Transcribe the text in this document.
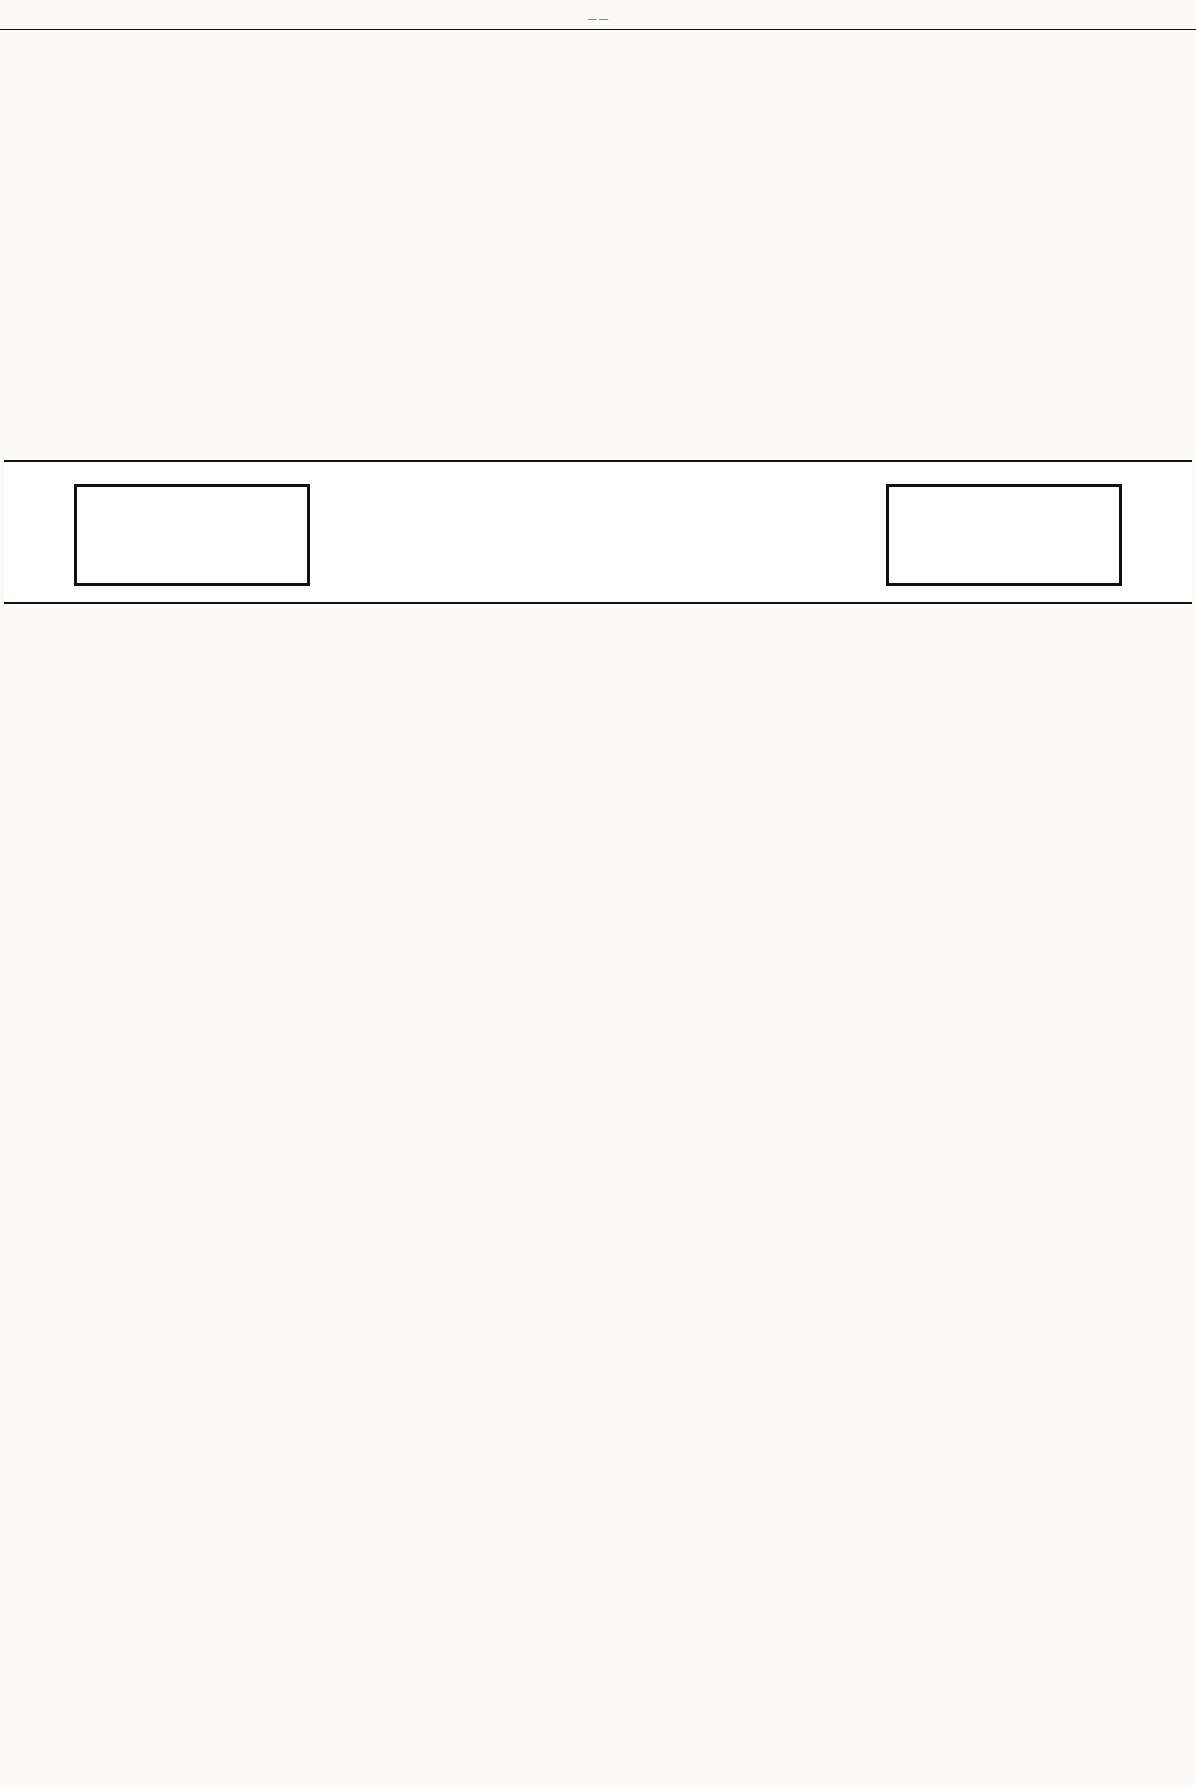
— —
